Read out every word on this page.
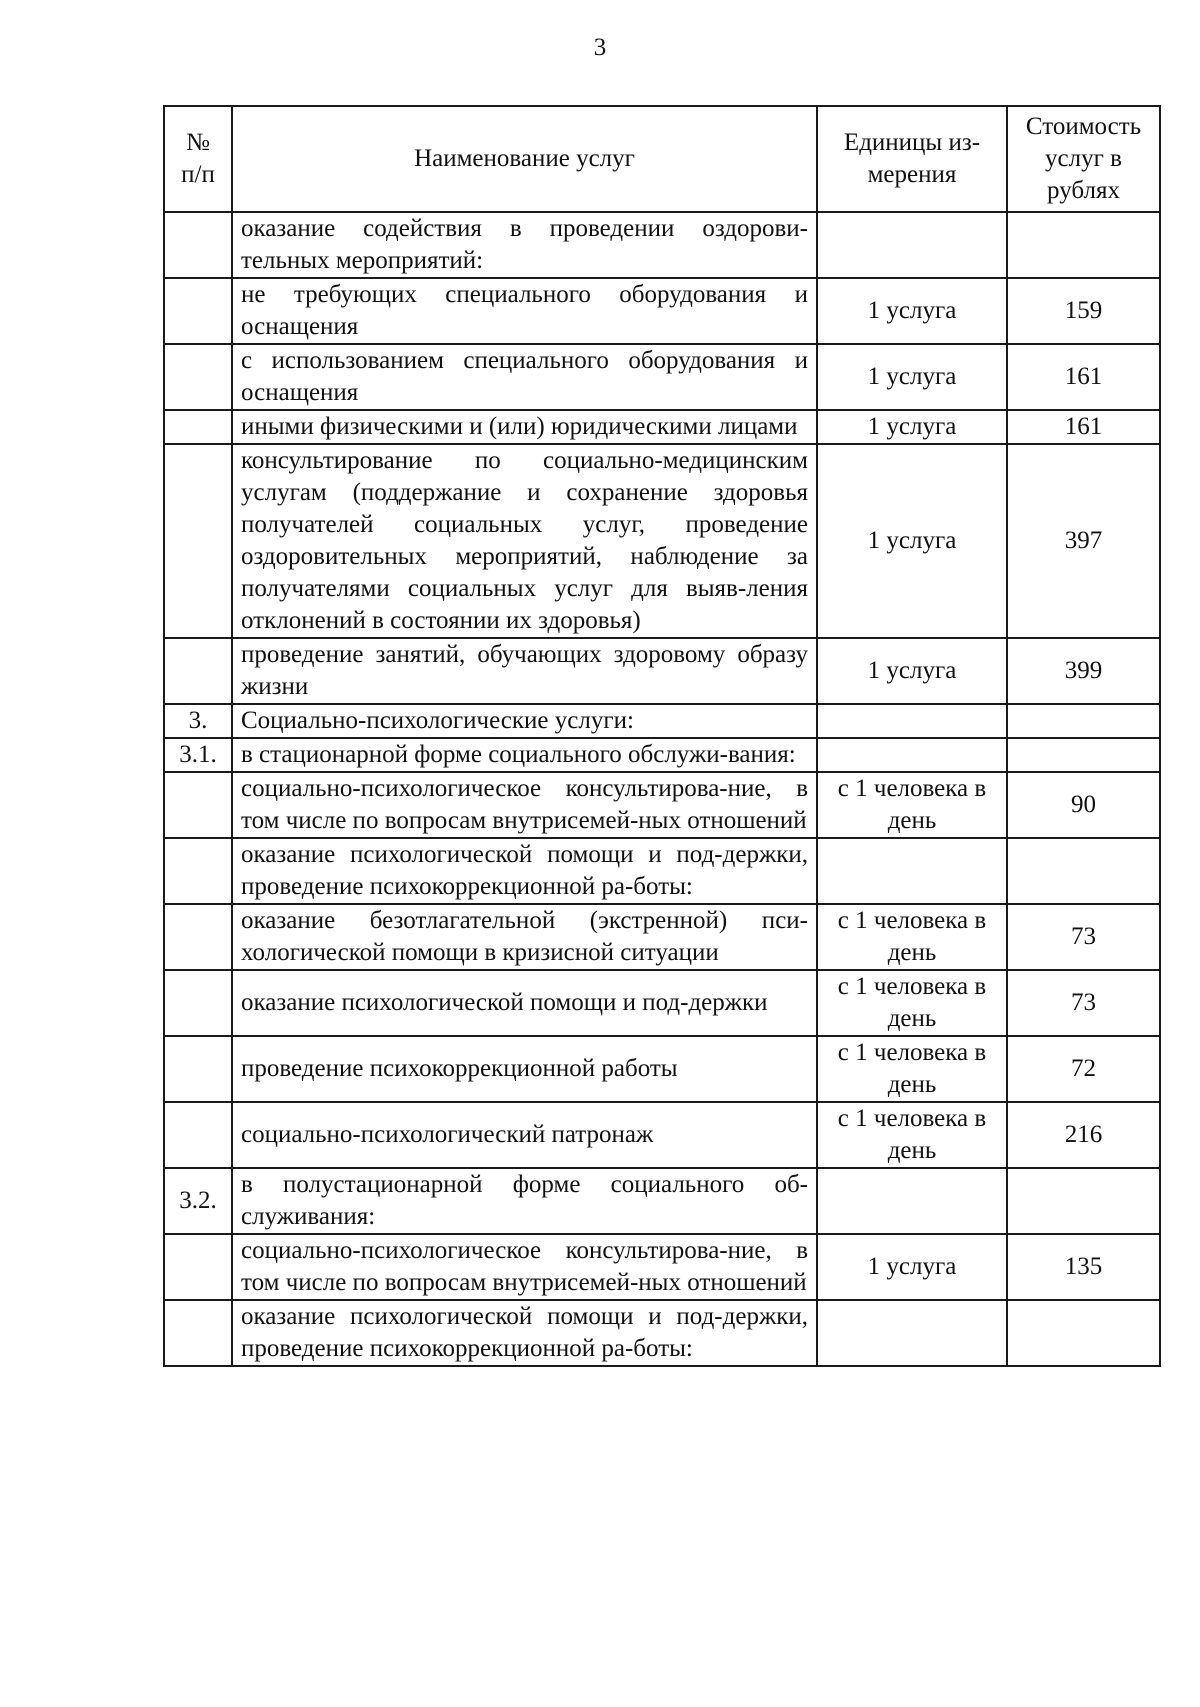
3
№ п/п	Наименование услуг	Единицы из-мерения	Стоимость услуг в рублях
	оказание содействия в проведении оздорови-тельных мероприятий:		
	не требующих специального оборудования и оснащения	1 услуга	159
	с использованием специального оборудования и оснащения	1 услуга	161
	иными физическими и (или) юридическими лицами	1 услуга	161
	консультирование по социально-медицинским услугам (поддержание и сохранение здоровья получателей социальных услуг, проведение оздоровительных мероприятий, наблюдение за получателями социальных услуг для выяв-ления отклонений в состоянии их здоровья)	1 услуга	397
	проведение занятий, обучающих здоровому образу жизни	1 услуга	399
3.	Социально-психологические услуги:		
3.1.	в стационарной форме социального обслужи-вания:		
	социально-психологическое консультирова-ние, в том числе по вопросам внутрисемей-ных отношений	с 1 человека в день	90
	оказание психологической помощи и под-держки, проведение психокоррекционной ра-боты:		
	оказание безотлагательной (экстренной) пси-хологической помощи в кризисной ситуации	с 1 человека в день	73
	оказание психологической помощи и под-держки	с 1 человека в день	73
	проведение психокоррекционной работы	с 1 человека в день	72
	социально-психологический патронаж	с 1 человека в день	216
3.2.	в полустационарной форме социального об-служивания:		
	социально-психологическое консультирова-ние, в том числе по вопросам внутрисемей-ных отношений	1 услуга	135
	оказание психологической помощи и под-держки, проведение психокоррекционной ра-боты:		
